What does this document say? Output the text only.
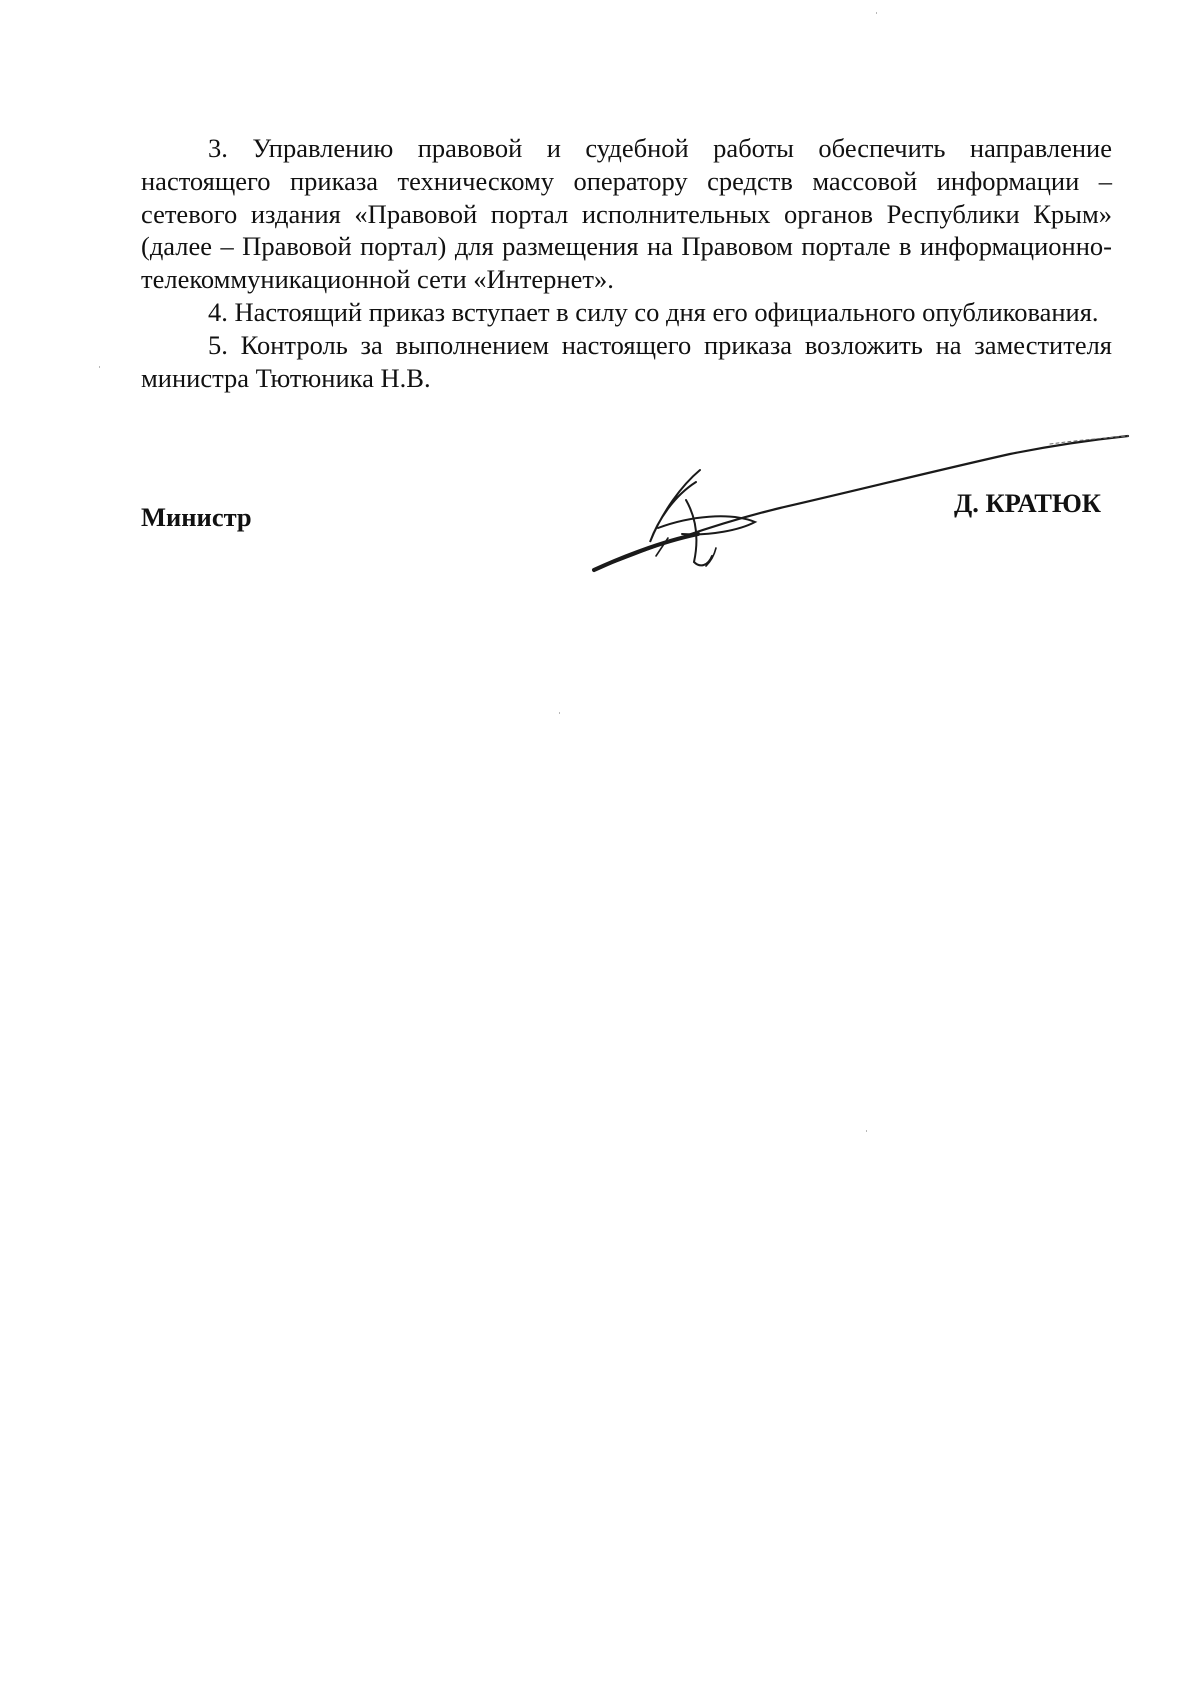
3. Управлению правовой и судебной работы обеспечить направление настоящего приказа техническому оператору средств массовой информации – сетевого издания «Правовой портал исполнительных органов Республики Крым» (далее – Правовой портал) для размещения на Правовом портале в информационно-телекоммуникационной сети «Интернет».

4. Настоящий приказ вступает в силу со дня его официального опубликования.

5. Контроль за выполнением настоящего приказа возложить на заместителя министра Тютюника Н.В.

Министр	Д. КРАТЮК
